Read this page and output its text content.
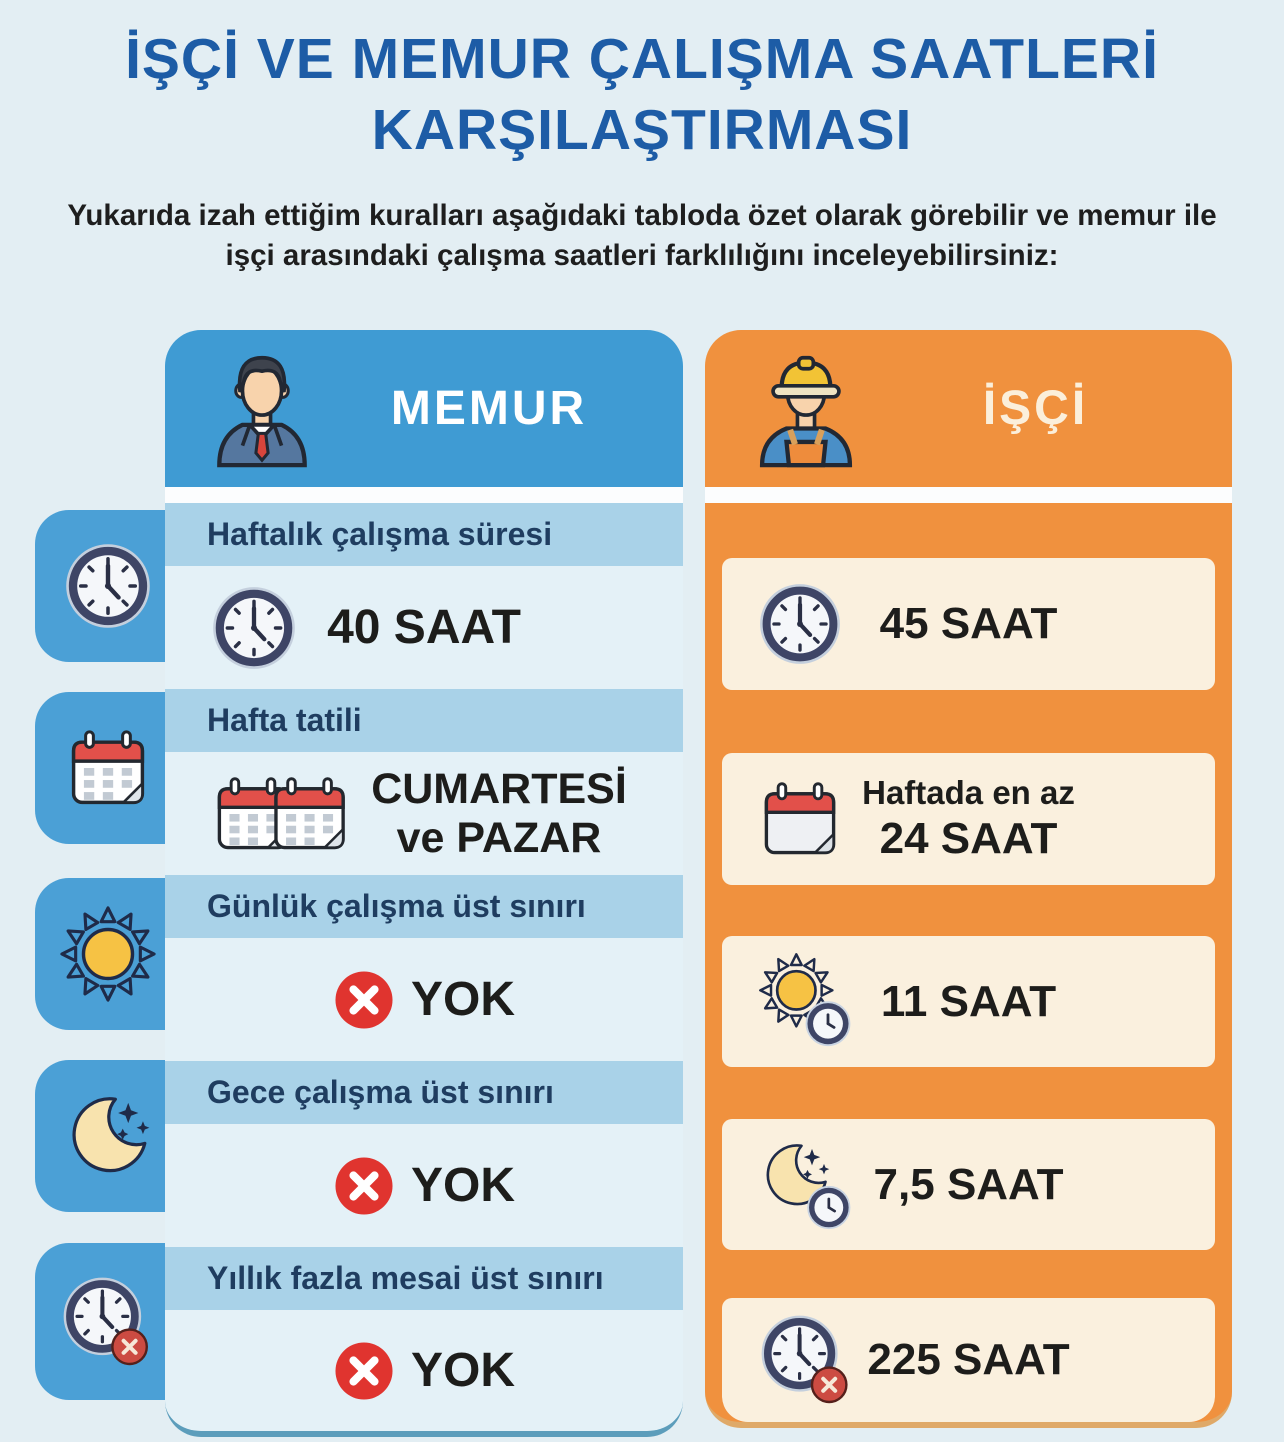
İŞÇİ VE MEMUR ÇALIŞMA SAATLERİ
KARŞILAŞTIRMASI

Yukarıda izah ettiğim kuralları aşağıdaki tabloda özet olarak görebilir ve memur ile işçi arasındaki çalışma saatleri farklılığını inceleyebilirsiniz:

MEMUR
Haftalık çalışma süresi
40 SAAT
Hafta tatili
CUMARTESİ
ve PAZAR
Günlük çalışma üst sınırı
YOK
Gece çalışma üst sınırı
YOK
Yıllık fazla mesai üst sınırı
YOK
İŞÇİ
45 SAAT
Haftada en az
24 SAAT
11 SAAT
7,5 SAAT
225 SAAT
